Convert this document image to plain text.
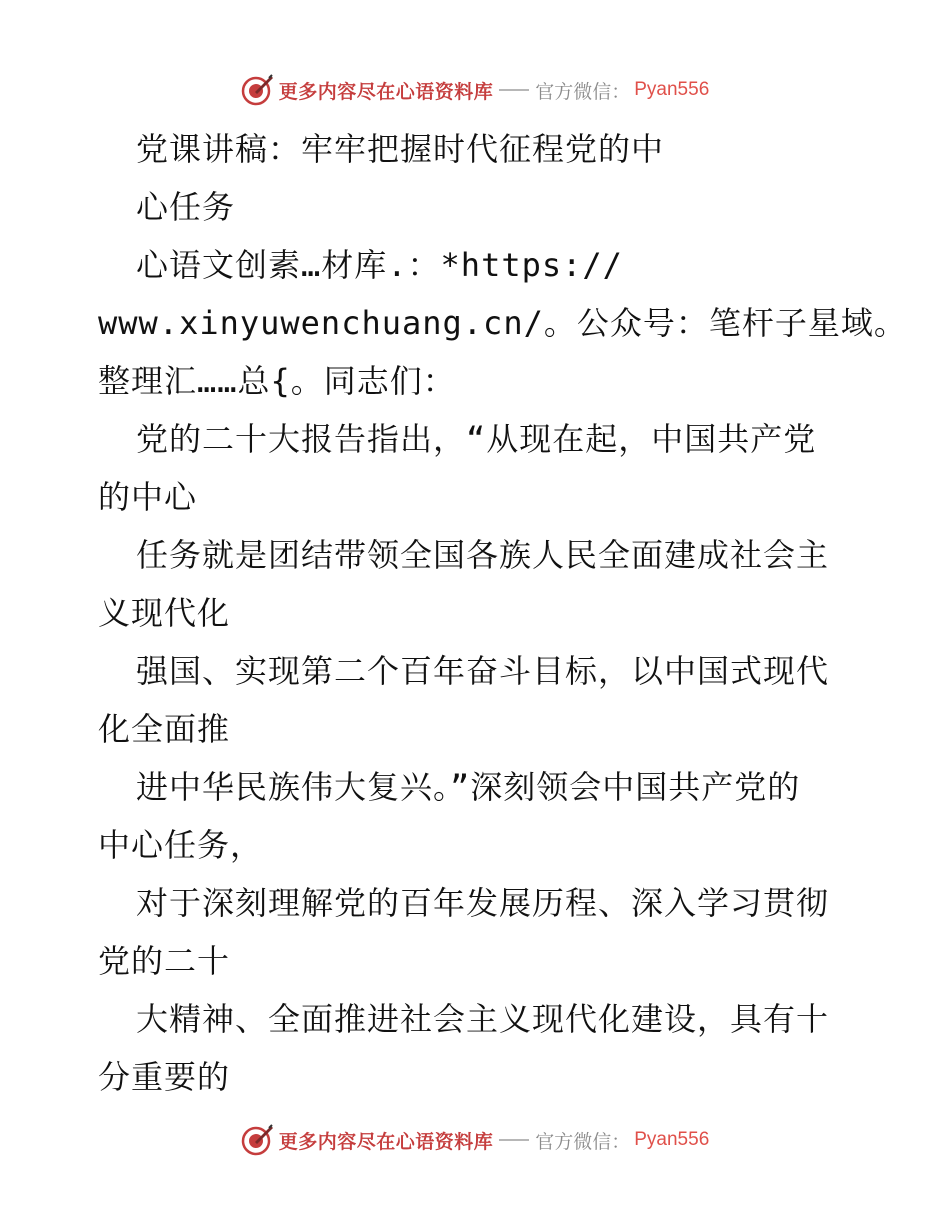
更多内容尽在心语资料库 官方微信： Pyan556
党课讲稿：牢牢把握时代征程党的中
心任务
心语文创素…材库.：*https://
www.xinyuwenchuang.cn/。公众号：笔杆子星域。
整理汇……总{。同志们：
党的二十大报告指出，“从现在起，中国共产党
的中心
任务就是团结带领全国各族人民全面建成社会主
义现代化
强国、实现第二个百年奋斗目标，以中国式现代
化全面推
进中华民族伟大复兴。”深刻领会中国共产党的
中心任务，
对于深刻理解党的百年发展历程、深入学习贯彻
党的二十
大精神、全面推进社会主义现代化建设，具有十
分重要的
更多内容尽在心语资料库 官方微信： Pyan556
